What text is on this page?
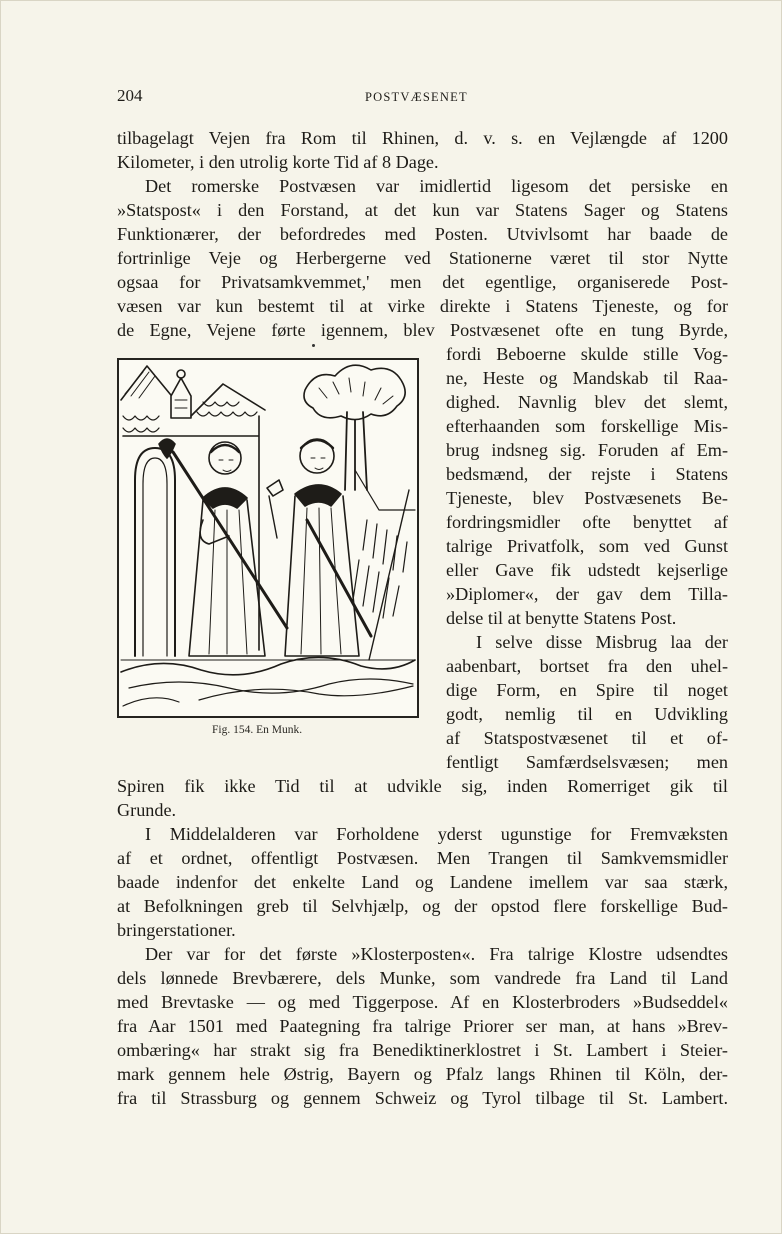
204	POSTVÆSENET
tilbagelagt Vejen fra Rom til Rhinen, d. v. s. en Vejlængde af 1200
Kilometer, i den utrolig korte Tid af 8 Dage.
Det romerske Postvæsen var imidlertid ligesom det persiske en
»Statspost« i den Forstand, at det kun var Statens Sager og Statens
Funktionærer, der befordredes med Posten. Utvivlsomt har baade de
fortrinlige Veje og Herbergerne ved Stationerne været til stor Nytte
ogsaa for Privatsamkvemmet,' men det egentlige, organiserede Post-
væsen var kun bestemt til at virke direkte i Statens Tjeneste, og for
de Egne, Vejene førte igennem, blev Postvæsenet ofte en tung Byrde,
fordi Beboerne skulde stille Vog-
ne, Heste og Mandskab til Raa-
dighed. Navnlig blev det slemt,
efterhaanden som forskellige Mis-
brug indsneg sig. Foruden af Em-
bedsmænd, der rejste i Statens
Tjeneste, blev Postvæsenets Be-
fordringsmidler ofte benyttet af
talrige Privatfolk, som ved Gunst
eller Gave fik udstedt kejserlige
»Diplomer«, der gav dem Tilla-
delse til at benytte Statens Post.
I selve disse Misbrug laa der
aabenbart, bortset fra den uhel-
dige Form, en Spire til noget
godt, nemlig til en Udvikling
af Statspostvæsenet til et of-
fentligt Samfærdselsvæsen; men
Spiren fik ikke Tid til at udvikle sig, inden Romerriget gik til
Grunde.
I Middelalderen var Forholdene yderst ugunstige for Fremvæksten
af et ordnet, offentligt Postvæsen. Men Trangen til Samkvemsmidler
baade indenfor det enkelte Land og Landene imellem var saa stærk,
at Befolkningen greb til Selvhjælp, og der opstod flere forskellige Bud-
bringerstationer.
Der var for det første »Klosterposten«. Fra talrige Klostre udsendtes
dels lønnede Brevbærere, dels Munke, som vandrede fra Land til Land
med Brevtaske — og med Tiggerpose. Af en Klosterbroders »Budseddel«
fra Aar 1501 med Paategning fra talrige Priorer ser man, at hans »Brev-
ombæring« har strakt sig fra Benediktinerklostret i St. Lambert i Steier-
mark gennem hele Østrig, Bayern og Pfalz langs Rhinen til Köln, der-
fra til Strassburg og gennem Schweiz og Tyrol tilbage til St. Lambert.
Fig. 154. En Munk.
